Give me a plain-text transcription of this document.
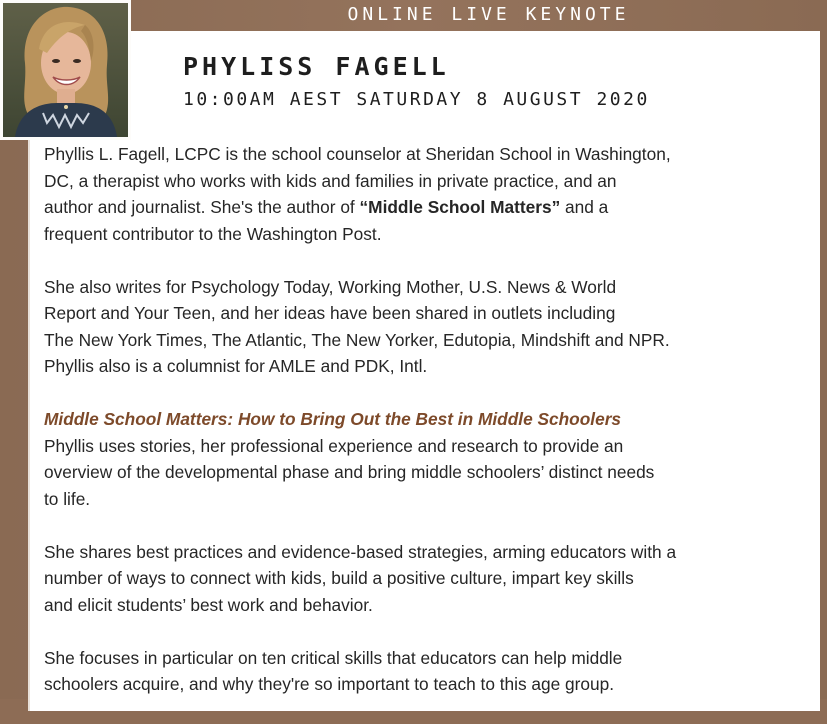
ONLINE LIVE KEYNOTE
PHYLISS FAGELL
10:00AM AEST SATURDAY 8 AUGUST 2020

Phyllis L. Fagell, LCPC is the school counselor at Sheridan School in Washington,
DC, a therapist who works with kids and families in private practice, and an
author and journalist. She's the author of “Middle School Matters” and a
frequent contributor to the Washington Post.

She also writes for Psychology Today, Working Mother, U.S. News & World
Report and Your Teen, and her ideas have been shared in outlets including
The New York Times, The Atlantic, The New Yorker, Edutopia, Mindshift and NPR.
Phyllis also is a columnist for AMLE and PDK, Intl.

Middle School Matters: How to Bring Out the Best in Middle Schoolers

Phyllis uses stories, her professional experience and research to provide an
overview of the developmental phase and bring middle schoolers’ distinct needs
to life.

She shares best practices and evidence-based strategies, arming educators with a
number of ways to connect with kids, build a positive culture, impart key skills
and elicit students’ best work and behavior.

She focuses in particular on ten critical skills that educators can help middle
schoolers acquire, and why they're so important to teach to this age group.
